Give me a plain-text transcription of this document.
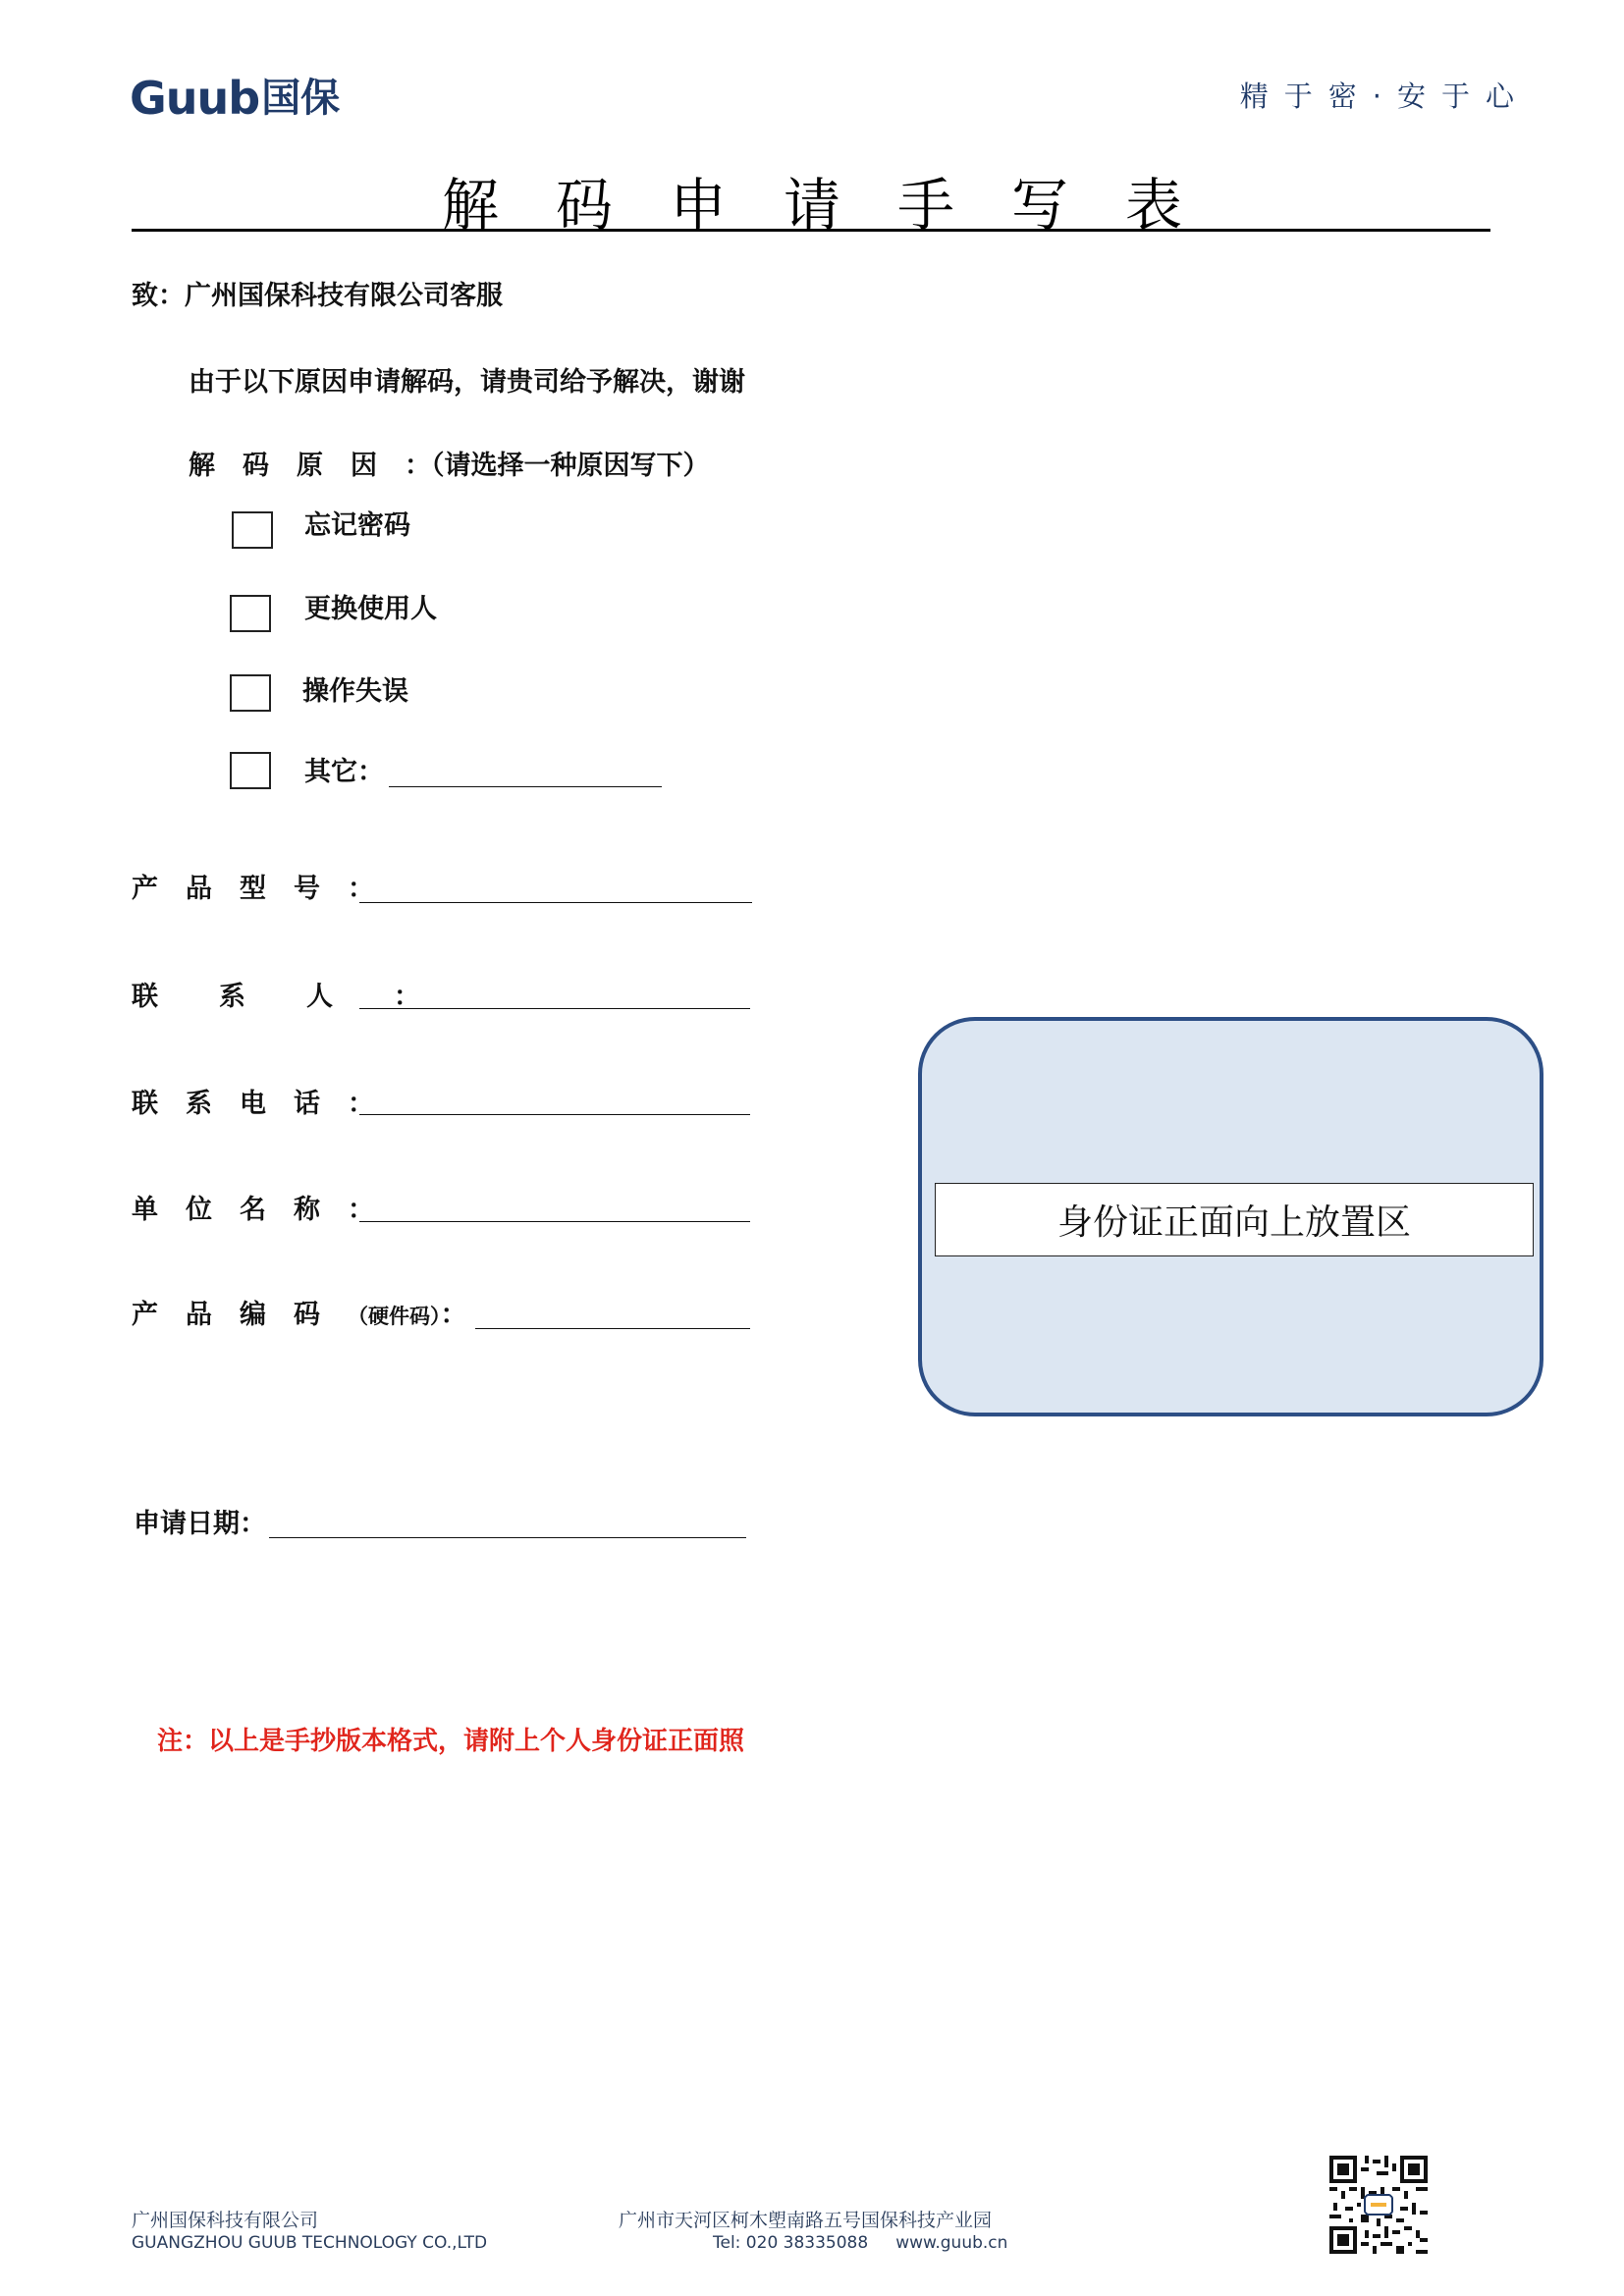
Guub 国保	精于密·安于心
解码申请手写表
致：广州国保科技有限公司客服
由于以下原因申请解码，请贵司给予解决，谢谢
解码原因：（请选择一种原因写下）
忘记密码
更换使用人
操作失误
其它：
产品型号：
联系人：
联系电话：
单位名称：
产品编码（硬件码）：
申请日期：
身份证正面向上放置区
注：以上是手抄版本格式，请附上个人身份证正面照
广州国保科技有限公司
GUANGZHOU GUUB TECHNOLOGY CO.,LTD
广州市天河区柯木塱南路五号国保科技产业园
Tel: 020 38335088 www.guub.cn
